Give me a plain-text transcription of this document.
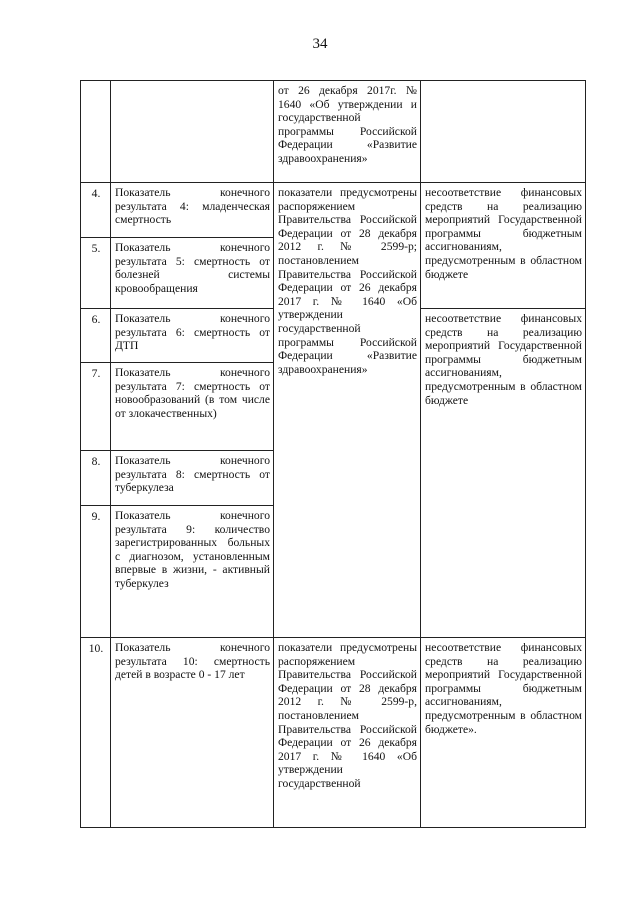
34

		от 26 декабря 2017г. № 1640 «Об утверждении и государственной программы Российской Федерации «Развитие здравоохранения»	

4.	Показатель конечного результата 4: младенческая смертность	показатели предусмотрены распоряжением Правительства Российской Федерации от 28 декабря 2012 г. № 2599-р; постановлением Правительства Российской Федерации от 26 декабря 2017 г. № 1640 «Об утверждении государственной программы Российской Федерации «Развитие здравоохранения»	несоответствие финансовых средств на реализацию мероприятий Государственной программы бюджетным ассигнованиям, предусмотренным в областном бюджете

5.	Показатель конечного результата 5: смертность от болезней системы кровообращения		
6.	Показатель конечного результата 6: смертность от ДТП		несоответствие финансовых средств на реализацию мероприятий Государственной программы бюджетным ассигнованиям, предусмотренным в областном бюджете

7.	Показатель конечного результата 7: смертность от новообразований (в том числе от злокачественных)		
8.	Показатель конечного результата 8: смертность от туберкулеза		
9.	Показатель конечного результата 9: количество зарегистрированных больных с диагнозом, установленным впервые в жизни, - активный туберкулез		
10.	Показатель конечного результата 10: смертность детей в возрасте 0 - 17 лет	показатели предусмотрены распоряжением Правительства Российской Федерации от 28 декабря 2012 г. № 2599-р, постановлением Правительства Российской Федерации от 26 декабря 2017 г. № 1640 «Об утверждении государственной	несоответствие финансовых средств на реализацию мероприятий Государственной программы бюджетным ассигнованиям, предусмотренным в областном бюджете».
